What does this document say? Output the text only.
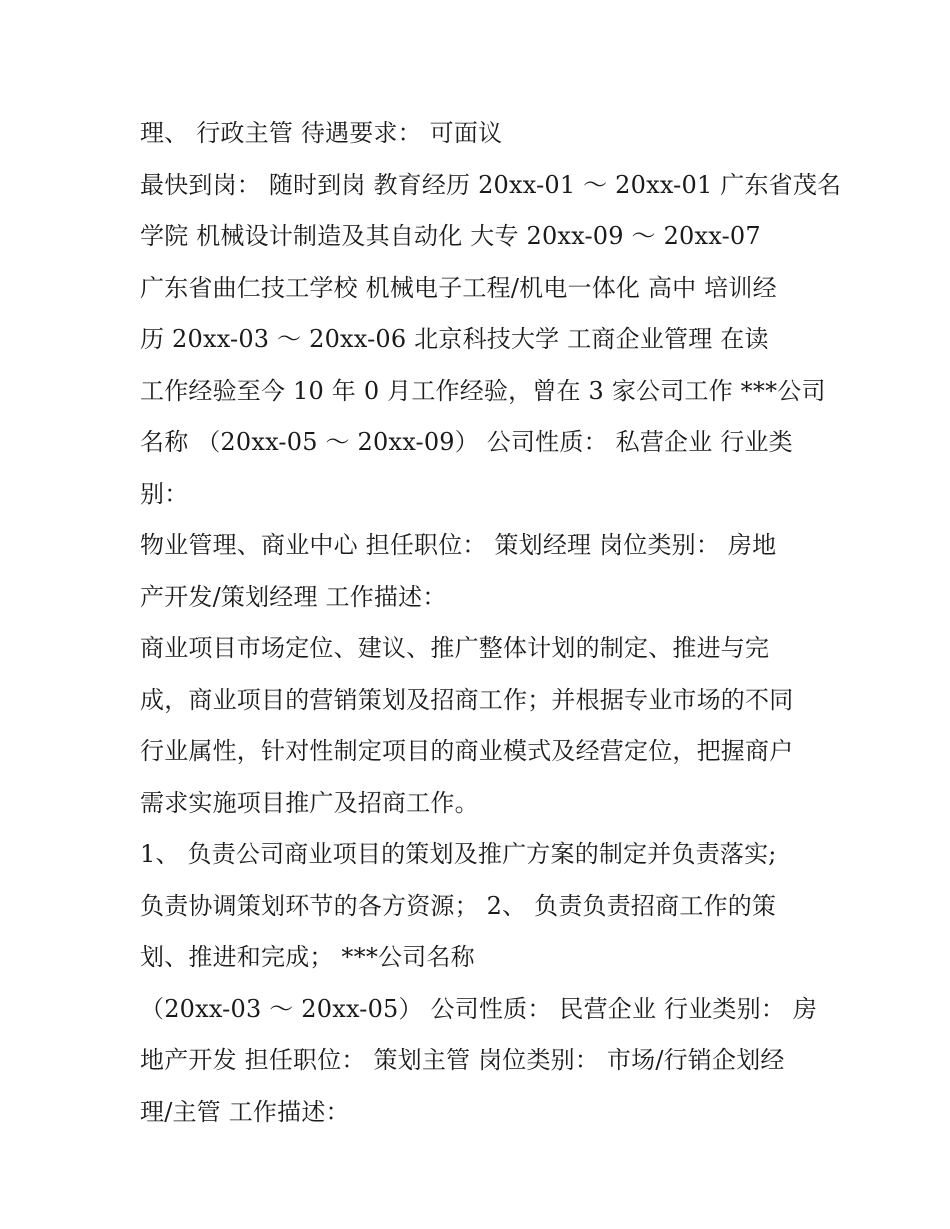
理、 行政主管 待遇要求： 可面议
最快到岗： 随时到岗 教育经历 20xx-01 ～ 20xx-01 广东省茂名
学院 机械设计制造及其自动化 大专 20xx-09 ～ 20xx-07
广东省曲仁技工学校 机械电子工程/机电一体化 高中 培训经
历 20xx-03 ～ 20xx-06 北京科技大学 工商企业管理 在读
工作经验至今 10 年 0 月工作经验，曾在 3 家公司工作 ***公司
名称 （20xx-05 ～ 20xx-09） 公司性质： 私营企业 行业类
别：
物业管理、商业中心 担任职位： 策划经理 岗位类别： 房地
产开发/策划经理 工作描述：
商业项目市场定位、建议、推广整体计划的制定、推进与完
成，商业项目的营销策划及招商工作；并根据专业市场的不同
行业属性，针对性制定项目的商业模式及经营定位，把握商户
需求实施项目推广及招商工作。
1、 负责公司商业项目的策划及推广方案的制定并负责落实;
负责协调策划环节的各方资源； 2、 负责负责招商工作的策
划、推进和完成； ***公司名称
（20xx-03 ～ 20xx-05） 公司性质： 民营企业 行业类别： 房
地产开发 担任职位： 策划主管 岗位类别： 市场/行销企划经
理/主管 工作描述：
